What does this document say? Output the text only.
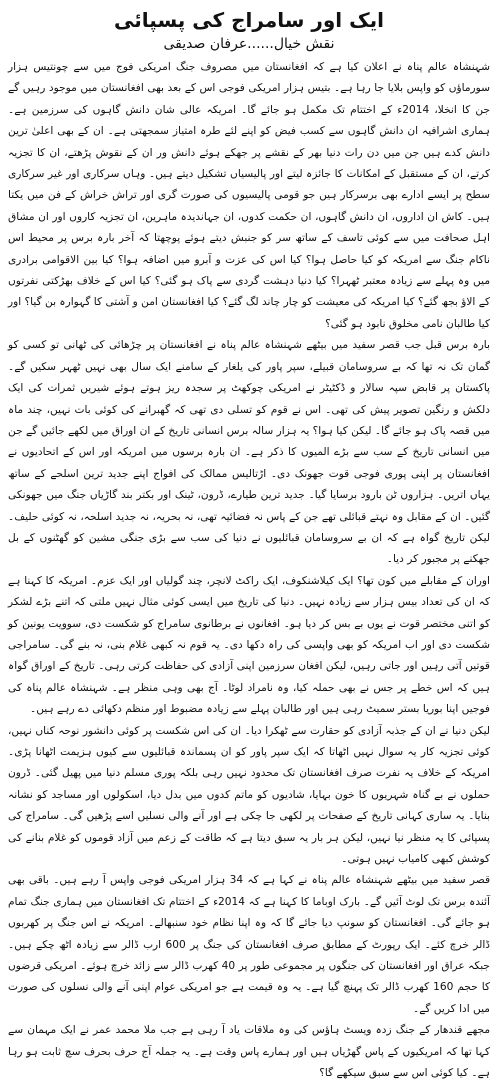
ایک اور سامراج کی پسپائی
نقش خیال......عرفان صدیقی

شہنشاہ عالم پناہ نے اعلان کیا ہے کہ افغانستان میں مصروف جنگ امریکی فوج میں سے چونتیس ہزار سورماؤں کو واپس بلایا جا رہا ہے۔ بتیس ہزار امریکی فوجی اس کے بعد بھی افغانستان میں موجود رہیں گے جن کا انخلا، 2014ء کے اختتام تک مکمل ہو جائے گا۔ امریکہ عالی شان دانش گاہوں کی سرزمین ہے۔ ہماری اشرافیہ ان دانش گاہوں سے کسب فیض کو اپنے لئے طرہ امتیاز سمجھتی ہے۔ ان کے بھی اعلیٰ ترین دانش کدے ہیں جن میں دن رات دنیا بھر کے نقشے پر جھکے ہوئے دانش ور ان کے نقوش پڑھتے، ان کا تجزیہ کرتے، ان کے مستقبل کے امکانات کا جائزہ لیتے اور پالیسیاں تشکیل دیتے ہیں۔ وہاں سرکاری اور غیر سرکاری سطح پر ایسے ادارے بھی برسرکار ہیں جو قومی پالیسیوں کی صورت گری اور تراش خراش کے فن میں یکتا ہیں۔ کاش ان اداروں، ان دانش گاہوں، ان حکمت کدوں، ان جہاندیدہ ماہرین، ان تجزیہ کاروں اور ان مشاق اہل صحافت میں سے کوئی تاسف کے ساتھ سر کو جنبش دیتے ہوئے پوچھتا کہ آخر بارہ برس پر محیط اس ناکام جنگ سے امریکہ کو کیا حاصل ہوا؟ کیا اس کی عزت و آبرو میں اضافہ ہوا؟ کیا بین الاقوامی برادری میں وہ پہلے سے زیادہ معتبر ٹھہرا؟ کیا دنیا دہشت گردی سے پاک ہو گئی؟ کیا اس کے خلاف بھڑکتی نفرتوں کے الاؤ بجھ گئے؟ کیا امریکہ کی معیشت کو چار چاند لگ گئے؟ کیا افغانستان امن و آشتی کا گہوارہ بن گیا؟ اور کیا طالبان نامی مخلوق نابود ہو گئی؟

بارہ برس قبل جب قصر سفید میں بیٹھے شہنشاہ عالم پناہ نے افغانستان پر چڑھائی کی ٹھانی تو کسی کو گمان تک نہ تھا کہ بے سروسامان قبیلے، سپر پاور کی یلغار کے سامنے ایک سال بھی نہیں ٹھہر سکیں گے۔ پاکستان پر قابض سپہ سالار و ڈکٹیٹر نے امریکی چوکھٹ پر سجدہ ریز ہوتے ہوئے شیریں ثمرات کی ایک دلکش و رنگین تصویر پیش کی تھی۔ اس نے قوم کو تسلی دی تھی کہ گھبرانے کی کوئی بات نہیں، چند ماہ میں قصہ پاک ہو جائے گا۔ لیکن کیا ہوا؟ یہ ہزار سالہ برس انسانی تاریخ کے ان اوراق میں لکھے جائیں گے جن میں انسانی تاریخ کے سب سے بڑے المیوں کا ذکر ہے۔ ان بارہ برسوں میں امریکہ اور اس کے اتحادیوں نے افغانستان پر اپنی پوری فوجی قوت جھونک دی۔ اڑتالیس ممالک کی افواج اپنے جدید ترین اسلحے کے ساتھ یہاں اتریں۔ ہزاروں ٹن بارود برسایا گیا۔ جدید ترین طیارے، ڈرون، ٹینک اور بکتر بند گاڑیاں جنگ میں جھونکی گئیں۔ ان کے مقابل وہ نہتے قبائلی تھے جن کے پاس نہ فضائیہ تھی، نہ بحریہ، نہ جدید اسلحہ، نہ کوئی حلیف۔ لیکن تاریخ گواہ ہے کہ ان بے سروسامان قبائلیوں نے دنیا کی سب سے بڑی جنگی مشین کو گھٹنوں کے بل جھکنے پر مجبور کر دیا۔

اوران کے مقابلے میں کون تھا؟ ایک کیلاشنکوف، ایک راکٹ لانچر، چند گولیاں اور ایک عزم۔ امریکہ کا کہنا ہے کہ ان کی تعداد بیس ہزار سے زیادہ نہیں۔ دنیا کی تاریخ میں ایسی کوئی مثال نہیں ملتی کہ اتنے بڑے لشکر کو اتنی مختصر قوت نے یوں بے بس کر دیا ہو۔ افغانوں نے برطانوی سامراج کو شکست دی، سوویت یونین کو شکست دی اور اب امریکہ کو بھی واپسی کی راہ دکھا دی۔ یہ قوم نہ کبھی غلام بنی، نہ بنے گی۔ سامراجی قوتیں آتی رہیں اور جاتی رہیں، لیکن افغان سرزمین اپنی آزادی کی حفاظت کرتی رہی۔ تاریخ کے اوراق گواہ ہیں کہ اس خطے پر جس نے بھی حملہ کیا، وہ نامراد لوٹا۔ آج بھی وہی منظر ہے۔ شہنشاہ عالم پناہ کی فوجیں اپنا بوریا بستر سمیٹ رہی ہیں اور طالبان پہلے سے زیادہ مضبوط اور منظم دکھائی دے رہے ہیں۔

لیکن دنیا نے ان کے جذبہ آزادی کو حقارت سے ٹھکرا دیا۔ ان کی اس شکست پر کوئی دانشور نوحہ کناں نہیں، کوئی تجزیہ کار یہ سوال نہیں اٹھاتا کہ ایک سپر پاور کو ان پسماندہ قبائلیوں سے کیوں ہزیمت اٹھانا پڑی۔ امریکہ کے خلاف یہ نفرت صرف افغانستان تک محدود نہیں رہی بلکہ پوری مسلم دنیا میں پھیل گئی۔ ڈرون حملوں نے بے گناہ شہریوں کا خون بہایا، شادیوں کو ماتم کدوں میں بدل دیا، اسکولوں اور مساجد کو نشانہ بنایا۔ یہ ساری کہانی تاریخ کے صفحات پر لکھی جا چکی ہے اور آنے والی نسلیں اسے پڑھیں گی۔ سامراج کی پسپائی کا یہ منظر نیا نہیں، لیکن ہر بار یہ سبق دیتا ہے کہ طاقت کے زعم میں آزاد قوموں کو غلام بنانے کی کوشش کبھی کامیاب نہیں ہوتی۔

قصر سفید میں بیٹھے شہنشاہ عالم پناہ نے کہا ہے کہ 34 ہزار امریکی فوجی واپس آ رہے ہیں۔ باقی بھی آئندہ برس تک لوٹ آئیں گے۔ بارک اوباما کا کہنا ہے کہ 2014ء کے اختتام تک افغانستان میں ہماری جنگ تمام ہو جائے گی۔ افغانستان کو سونپ دیا جائے گا کہ وہ اپنا نظام خود سنبھالے۔ امریکہ نے اس جنگ پر کھربوں ڈالر خرچ کئے۔ ایک رپورٹ کے مطابق صرف افغانستان کی جنگ پر 600 ارب ڈالر سے زیادہ اٹھ چکے ہیں۔ جبکہ عراق اور افغانستان کی جنگوں پر مجموعی طور پر 40 کھرب ڈالر سے زائد خرچ ہوئے۔ امریکی قرضوں کا حجم 160 کھرب ڈالر تک پہنچ گیا ہے۔ یہ وہ قیمت ہے جو امریکی عوام اپنی آنے والی نسلوں کی صورت میں ادا کریں گے۔

مجھے قندھار کے جنگ زدہ ویسٹ ہاؤس کی وہ ملاقات یاد آ رہی ہے جب ملا محمد عمر نے ایک مہمان سے کہا تھا کہ امریکیوں کے پاس گھڑیاں ہیں اور ہمارے پاس وقت ہے۔ یہ جملہ آج حرف بحرف سچ ثابت ہو رہا ہے۔ کیا کوئی اس سے سبق سیکھے گا؟
